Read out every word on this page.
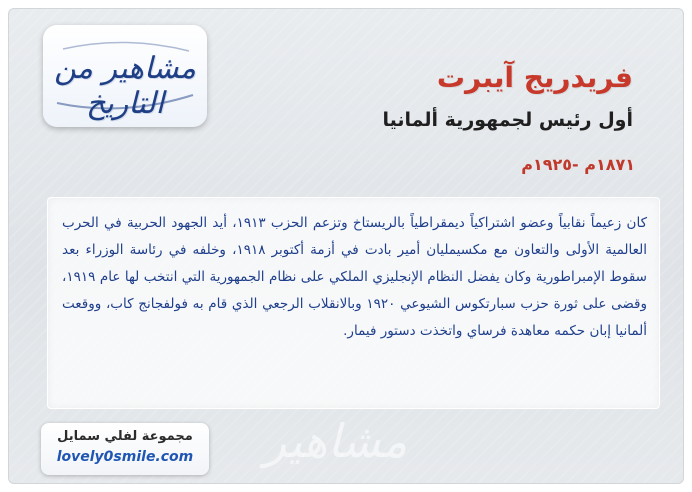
مشاهير من التاريخ
فريدريج آيبرت
أول رئيس لجمهورية ألمانيا
١٨٧١م -١٩٢٥م

كان زعيماً نقابياً وعضو اشتراكياً ديمقراطياً بالريستاخ وتزعم الحزب ١٩١٣، أيد الجهود الحربية في الحرب العالمية الأولى والتعاون مع مكسيمليان أمير بادت في أزمة أكتوبر ١٩١٨، وخلفه في رئاسة الوزراء بعد سقوط الإمبراطورية وكان يفضل النظام الإنجليزي الملكي على نظام الجمهورية التي انتخب لها عام ١٩١٩، وقضى على ثورة حزب سبارتكوس الشيوعي ١٩٢٠ وبالانقلاب الرجعي الذي قام به فولفجانج كاب، ووقعت ألمانيا إبان حكمه معاهدة فرساي واتخذت دستور فيمار.

مشاهير
مجموعة لفلي سمايل
lovely0smile.com
